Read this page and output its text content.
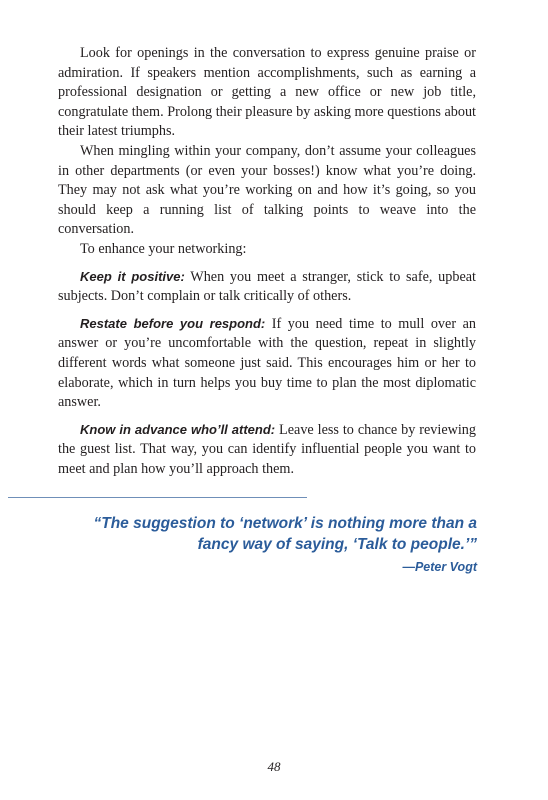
Look for openings in the conversation to express genuine praise or admiration. If speakers mention accomplishments, such as earning a professional designation or getting a new office or new job title, congratulate them. Prolong their pleasure by asking more questions about their latest triumphs.

When mingling within your company, don’t assume your colleagues in other departments (or even your bosses!) know what you’re doing. They may not ask what you’re working on and how it’s going, so you should keep a running list of talking points to weave into the conversation.

To enhance your networking:

Keep it positive: When you meet a stranger, stick to safe, upbeat subjects. Don’t complain or talk critically of others.

Restate before you respond: If you need time to mull over an answer or you’re uncomfortable with the question, repeat in slightly different words what someone just said. This encourages him or her to elaborate, which in turn helps you buy time to plan the most diplomatic answer.

Know in advance who’ll attend: Leave less to chance by reviewing the guest list. That way, you can identify influential people you want to meet and plan how you’ll approach them.

“The suggestion to ‘network’ is nothing more than a
fancy way of saying, ‘Talk to people.’”
—Peter Vogt
48
